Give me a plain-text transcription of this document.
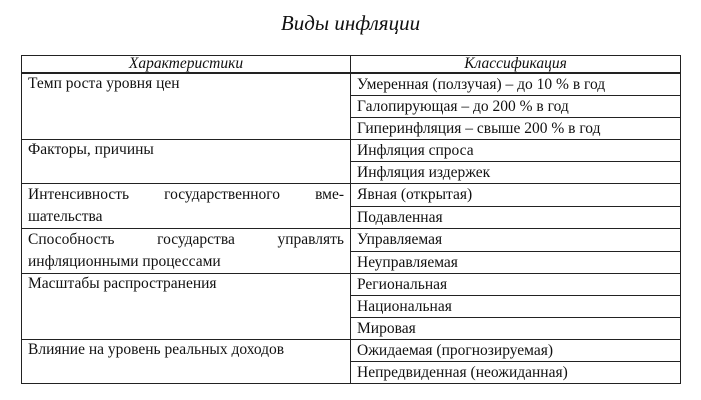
Виды инфляции
Характеристики	Классификация
Темп роста уровня цен	Умеренная (ползучая) – до 10 % в год
	Галопирующая – до 200 % в год
	Гиперинфляция – свыше 200 % в год
Факторы, причины	Инфляция спроса
	Инфляция издержек

Интенсивность государственного вме-
шательства	Явная (открытая)
	Подавленная

Способность государства управлять
инфляционными процессами	Управляемая
	Неуправляемая
Масштабы распространения	Региональная
	Национальная
	Мировая
Влияние на уровень реальных доходов	Ожидаемая (прогнозируемая)
	Непредвиденная (неожиданная)
